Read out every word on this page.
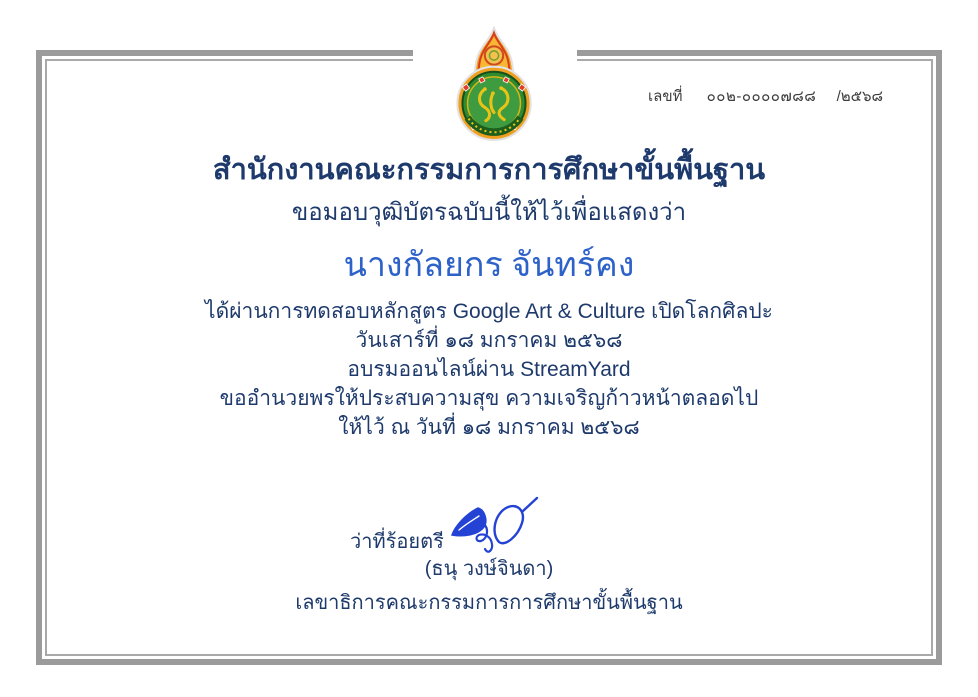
เลขที่ ๐๐๒-๐๐๐๐๗๘๘ /๒๕๖๘
สำนักงานคณะกรรมการการศึกษาขั้นพื้นฐาน
ขอมอบวุฒิบัตรฉบับนี้ให้ไว้เพื่อแสดงว่า
นางกัลยกร จันทร์คง
ได้ผ่านการทดสอบหลักสูตร Google Art & Culture เปิดโลกศิลปะ
วันเสาร์ที่ ๑๘ มกราคม ๒๕๖๘
อบรมออนไลน์ผ่าน StreamYard
ขออำนวยพรให้ประสบความสุข ความเจริญก้าวหน้าตลอดไป
ให้ไว้ ณ วันที่ ๑๘ มกราคม ๒๕๖๘
ว่าที่ร้อยตรี
(ธนุ วงษ์จินดา)
เลขาธิการคณะกรรมการการศึกษาขั้นพื้นฐาน
